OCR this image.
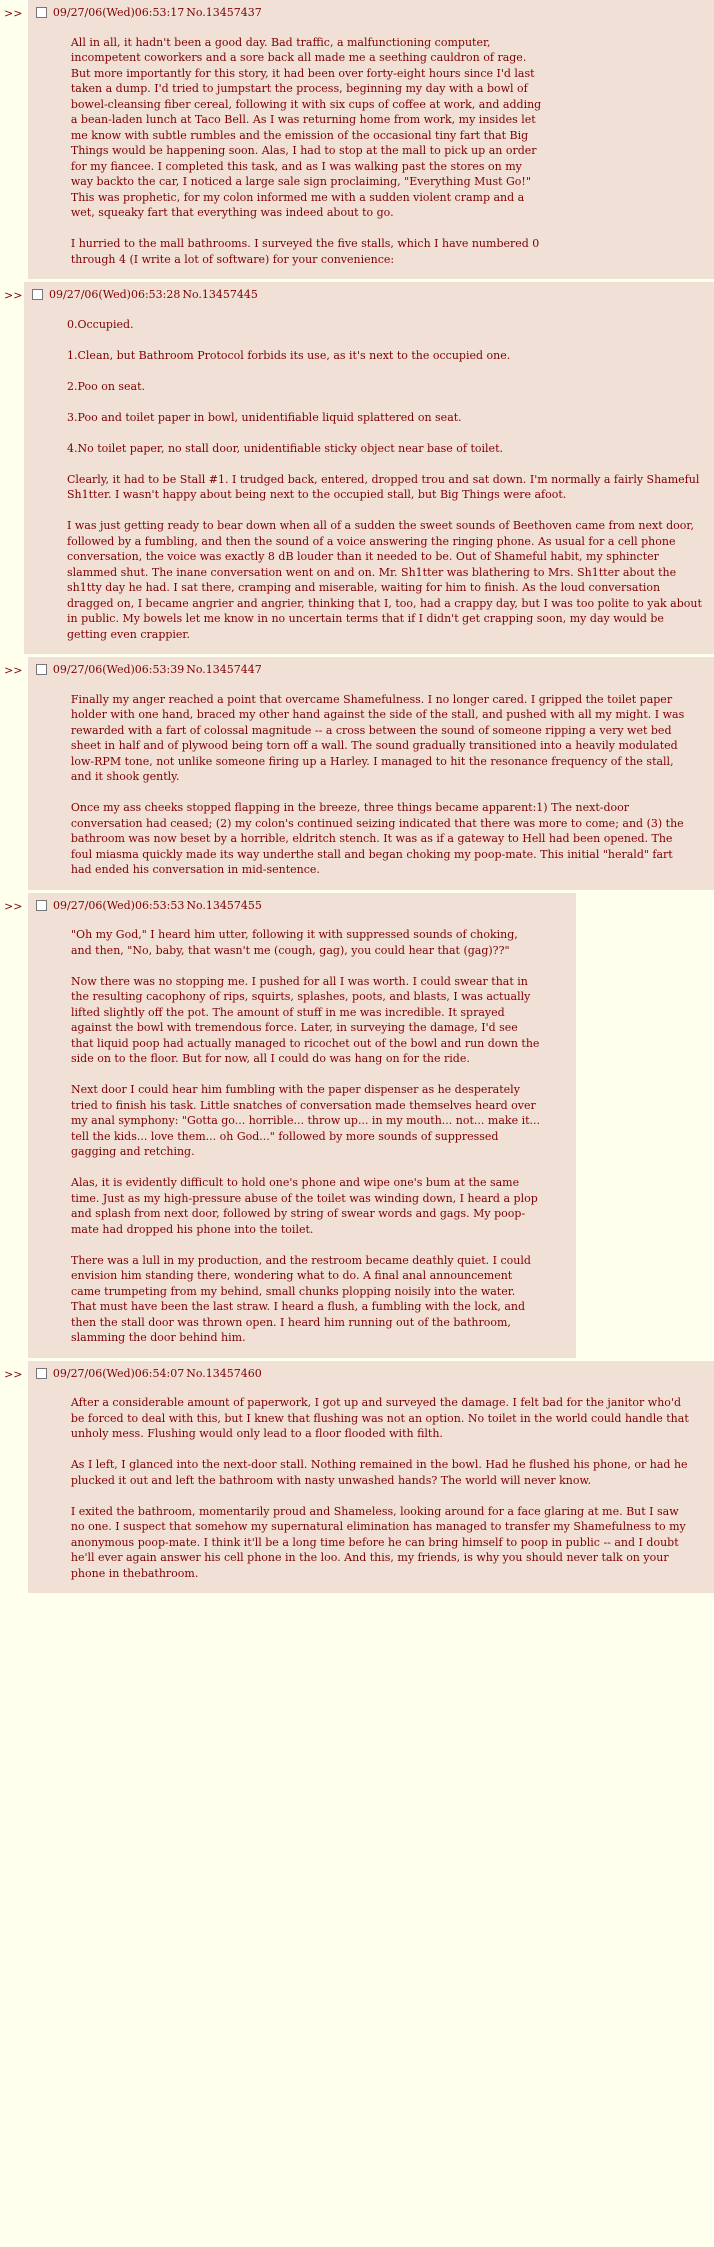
>>	09/27/06(Wed)06:53:17 No.13457437

All in all, it hadn't been a good day. Bad traffic, a malfunctioning computer, incompetent coworkers and a sore back all made me a seething cauldron of rage. But more importantly for this story, it had been over forty-eight hours since I'd last taken a dump. I'd tried to jumpstart the process, beginning my day with a bowl of bowel-cleansing fiber cereal, following it with six cups of coffee at work, and adding a bean-laden lunch at Taco Bell. As I was returning home from work, my insides let me know with subtle rumbles and the emission of the occasional tiny fart that Big Things would be happening soon. Alas, I had to stop at the mall to pick up an order for my fiancee. I completed this task, and as I was walking past the stores on my way backto the car, I noticed a large sale sign proclaiming, "Everything Must Go!" This was prophetic, for my colon informed me with a sudden violent cramp and a wet, squeaky fart that everything was indeed about to go.

I hurried to the mall bathrooms. I surveyed the five stalls, which I have numbered 0 through 4 (I write a lot of software) for your convenience:

>> 09/27/06(Wed)06:53:28 No.13457445

0.Occupied.

1.Clean, but Bathroom Protocol forbids its use, as it's next to the occupied one.

2.Poo on seat.

3.Poo and toilet paper in bowl, unidentifiable liquid splattered on seat.

4.No toilet paper, no stall door, unidentifiable sticky object near base of toilet.

Clearly, it had to be Stall #1. I trudged back, entered, dropped trou and sat down. I'm normally a fairly Shameful Sh1tter. I wasn't happy about being next to the occupied stall, but Big Things were afoot.

I was just getting ready to bear down when all of a sudden the sweet sounds of Beethoven came from next door, followed by a fumbling, and then the sound of a voice answering the ringing phone. As usual for a cell phone conversation, the voice was exactly 8 dB louder than it needed to be. Out of Shameful habit, my sphincter slammed shut. The inane conversation went on and on. Mr. Sh1tter was blathering to Mrs. Sh1tter about the sh1tty day he had. I sat there, cramping and miserable, waiting for him to finish. As the loud conversation dragged on, I became angrier and angrier, thinking that I, too, had a crappy day, but I was too polite to yak about in public. My bowels let me know in no uncertain terms that if I didn't get crapping soon, my day would be getting even crappier.

>>	09/27/06(Wed)06:53:39 No.13457447

Finally my anger reached a point that overcame Shamefulness. I no longer cared. I gripped the toilet paper holder with one hand, braced my other hand against the side of the stall, and pushed with all my might. I was rewarded with a fart of colossal magnitude -- a cross between the sound of someone ripping a very wet bed sheet in half and of plywood being torn off a wall. The sound gradually transitioned into a heavily modulated low-RPM tone, not unlike someone firing up a Harley. I managed to hit the resonance frequency of the stall, and it shook gently.

Once my ass cheeks stopped flapping in the breeze, three things became apparent:1) The next-door conversation had ceased; (2) my colon's continued seizing indicated that there was more to come; and (3) the bathroom was now beset by a horrible, eldritch stench. It was as if a gateway to Hell had been opened. The foul miasma quickly made its way underthe stall and began choking my poop-mate. This initial "herald" fart had ended his conversation in mid-sentence.

>>	09/27/06(Wed)06:53:53 No.13457455

"Oh my God," I heard him utter, following it with suppressed sounds of choking, and then, "No, baby, that wasn't me (cough, gag), you could hear that (gag)??"

Now there was no stopping me. I pushed for all I was worth. I could swear that in the resulting cacophony of rips, squirts, splashes, poots, and blasts, I was actually lifted slightly off the pot. The amount of stuff in me was incredible. It sprayed against the bowl with tremendous force. Later, in surveying the damage, I'd see that liquid poop had actually managed to ricochet out of the bowl and run down the side on to the floor. But for now, all I could do was hang on for the ride.

Next door I could hear him fumbling with the paper dispenser as he desperately tried to finish his task. Little snatches of conversation made themselves heard over my anal symphony: "Gotta go... horrible... throw up... in my mouth... not... make it... tell the kids... love them... oh God..." followed by more sounds of suppressed gagging and retching.

Alas, it is evidently difficult to hold one's phone and wipe one's bum at the same time. Just as my high-pressure abuse of the toilet was winding down, I heard a plop and splash from next door, followed by string of swear words and gags. My poop-mate had dropped his phone into the toilet.

There was a lull in my production, and the restroom became deathly quiet. I could envision him standing there, wondering what to do. A final anal announcement came trumpeting from my behind, small chunks plopping noisily into the water. That must have been the last straw. I heard a flush, a fumbling with the lock, and then the stall door was thrown open. I heard him running out of the bathroom, slamming the door behind him.

>>	09/27/06(Wed)06:54:07 No.13457460

After a considerable amount of paperwork, I got up and surveyed the damage. I felt bad for the janitor who'd be forced to deal with this, but I knew that flushing was not an option. No toilet in the world could handle that unholy mess. Flushing would only lead to a floor flooded with filth.

As I left, I glanced into the next-door stall. Nothing remained in the bowl. Had he flushed his phone, or had he plucked it out and left the bathroom with nasty unwashed hands? The world will never know.

I exited the bathroom, momentarily proud and Shameless, looking around for a face glaring at me. But I saw no one. I suspect that somehow my supernatural elimination has managed to transfer my Shamefulness to my anonymous poop-mate. I think it'll be a long time before he can bring himself to poop in public -- and I doubt he'll ever again answer his cell phone in the loo. And this, my friends, is why you should never talk on your phone in thebathroom.
